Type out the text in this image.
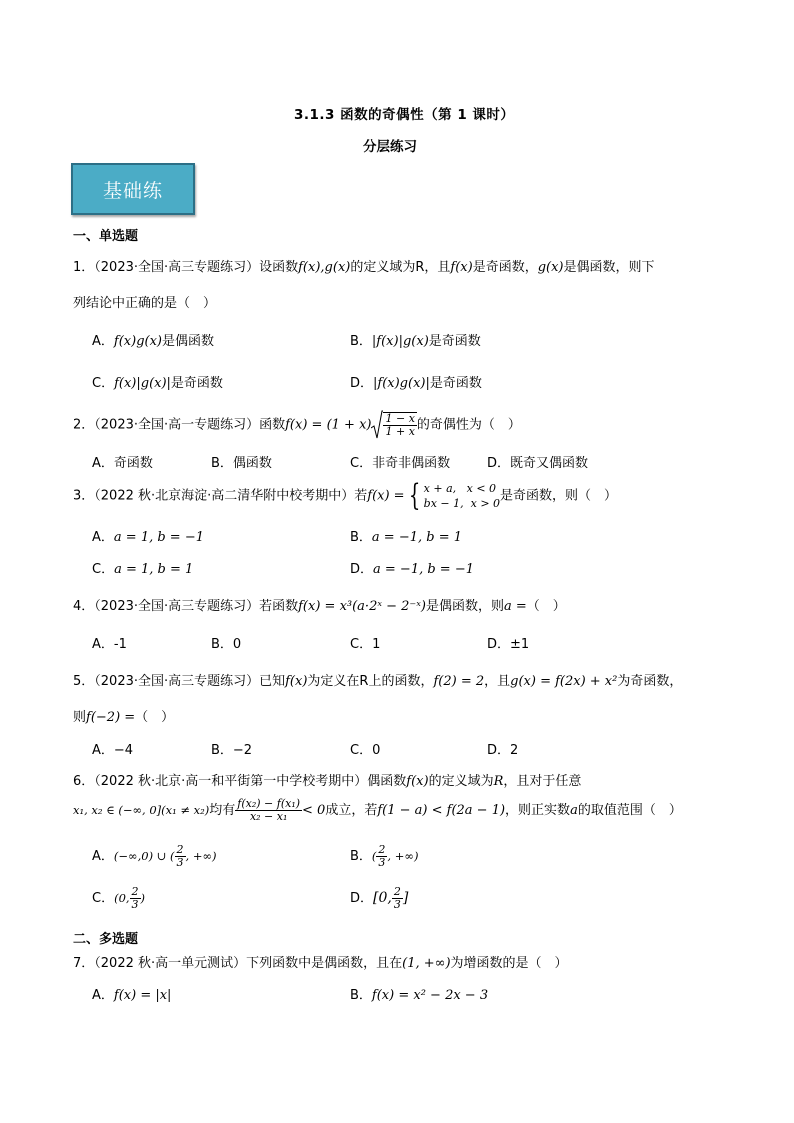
3.1.3 函数的奇偶性（第 1 课时）
分层练习
基础练
一、单选题
1．（2023·全国·高三专题练习）设函数f(x),g(x)的定义域为R，且f(x)是奇函数，g(x)是偶函数，则下
列结论中正确的是（　）
A．f(x)g(x)是偶函数	B．|f(x)|g(x)是奇函数
C．f(x)|g(x)|是奇函数	D．|f(x)g(x)|是奇函数
2．（2023·全国·高一专题练习）函数$f(x) = (1 + x) \frac{1 - x}{1 + x}$ 的奇偶性为（　）
A．奇函数	B．偶函数	C．非奇非偶函数	D．既奇又偶函数
3．（2022 秋·北京海淀·高二清华附中校考期中）若f(x) = { x + a, x < 0
bx − 1, x > 0 是奇函数，则（　）
A．a = 1, b = −1	B．a = −1, b = 1
C．a = 1, b = 1	D．a = −1, b = −1
4．（2023·全国·高三专题练习）若函数f(x) = x³(a·2ˣ − 2⁻ˣ)是偶函数，则a =（　）
A．-1	B．0	C．1	D．±1
5．（2023·全国·高三专题练习）已知f(x)为定义在R上的函数，f(2) = 2，且g(x) = f(2x) + x²为奇函数，
则f(−2) =（　）
A．−4	B．−2	C．0	D．2
6．（2022 秋·北京·高一和平街第一中学校考期中）偶函数f(x)的定义域为R，且对于任意
x₁, x₂ ∈ (−∞, 0](x₁ ≠ x₂)均有 $\frac{\text{f(x₂) − f(x₁)}}{\text{x₂ − x₁}} < 0$成立，若f(1 − a) < f(2a − 1)，则正实数a的取值范围（　）
A．(−∞,0) ∪ ( $\frac{2}{3}$ , +∞)	B．( $\frac{2}{3}$ , +∞)
C．(0, $\frac{2}{3}$ )	D．[0, $\frac{2}{3}$ ]
二、多选题
7．（2022 秋·高一单元测试）下列函数中是偶函数，且在(1, +∞)为增函数的是（　）
A．f(x) = |x|	B．f(x) = x² − 2x − 3
